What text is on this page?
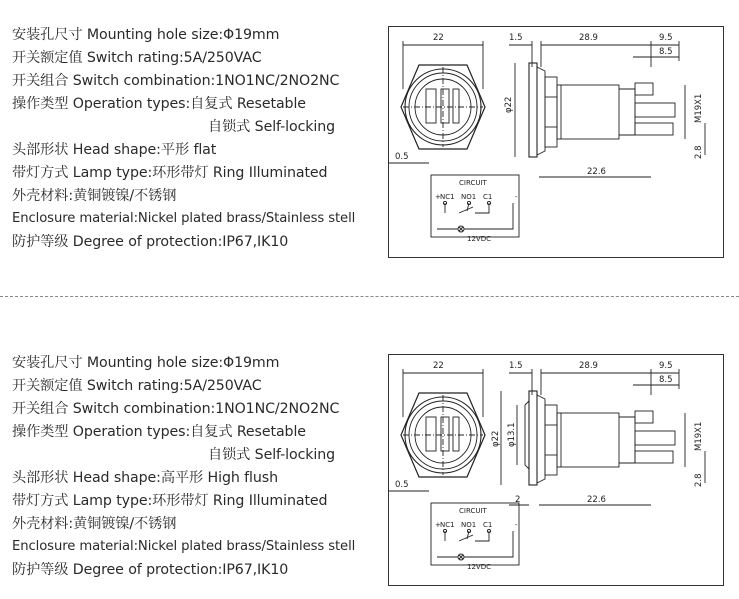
安装孔尺寸 Mounting hole size:Φ19mm
开关额定值 Switch rating:5A/250VAC
开关组合 Switch combination:1NO1NC/2NO2NC
操作类型 Operation types:自复式 Resetable
自锁式 Self-locking
头部形状 Head shape:平形 flat
带灯方式 Lamp type:环形带灯 Ring Illuminated
外壳材料:黄铜镀镍/不锈钢
Enclosure material:Nickel plated brass/Stainless stell
防护等级 Degree of protection:IP67,IK10
22	1.5	28.9	9.5
8.5
φ22	M19X1
2.8
0.5
22.6
CIRCUIT
+	-
NC1 NO1 C1
12VDC
安装孔尺寸 Mounting hole size:Φ19mm
开关额定值 Switch rating:5A/250VAC
开关组合 Switch combination:1NO1NC/2NO2NC
操作类型 Operation types:自复式 Resetable
自锁式 Self-locking
头部形状 Head shape:高平形 High flush
带灯方式 Lamp type:环形带灯 Ring Illuminated
外壳材料:黄铜镀镍/不锈钢
Enclosure material:Nickel plated brass/Stainless stell
防护等级 Degree of protection:IP67,IK10
22	1.5	28.9	9.5
8.5
φ22 φ13.1	M19X1
2.8
0.5
2	22.6
CIRCUIT
+	-
NC1 NO1 C1
12VDC
